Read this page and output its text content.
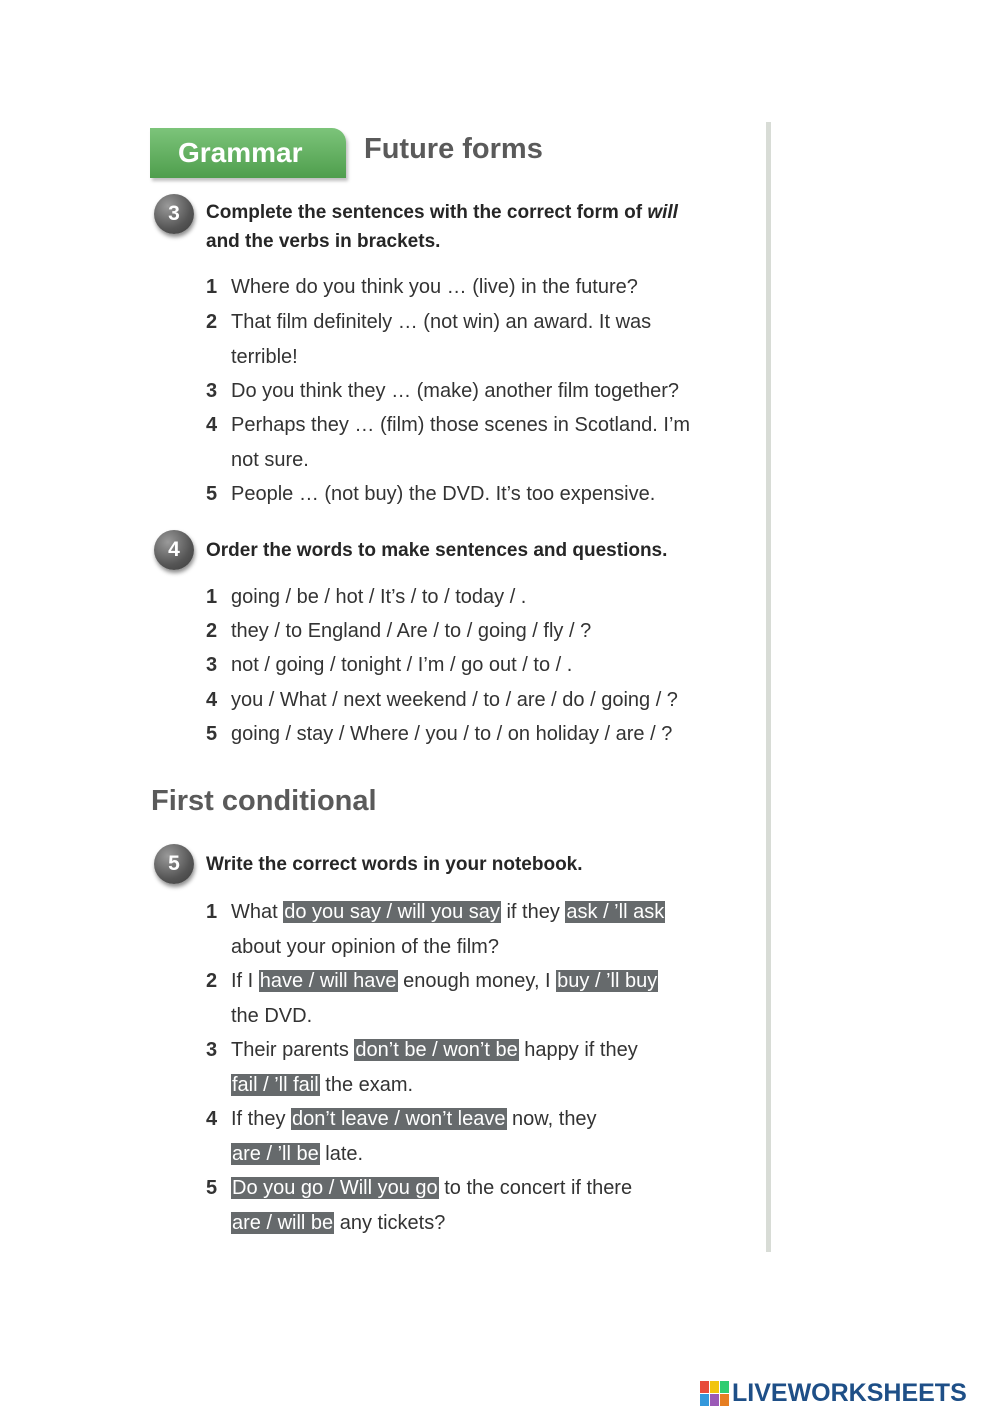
Grammar	Future forms
3	Complete the sentences with the correct form of will
and the verbs in brackets.
1 Where do you think you … (live) in the future?
2 That film definitely … (not win) an award. It was
terrible!
3 Do you think they … (make) another film together?
4 Perhaps they … (film) those scenes in Scotland. I’m
not sure.
5 People … (not buy) the DVD. It’s too expensive.
4	Order the words to make sentences and questions.
1 going / be / hot / It’s / to / today / .
2 they / to England / Are / to / going / fly / ?
3 not / going / tonight / I’m / go out / to / .
4 you / What / next weekend / to / are / do / going / ?
5 going / stay / Where / you / to / on holiday / are / ?
First conditional
5	Write the correct words in your notebook.
1 What do you say / will you say if they ask / ’ll ask
about your opinion of the film?
2 If I have / will have enough money, I buy / ’ll buy
the DVD.
3 Their parents don’t be / won’t be happy if they
fail / ’ll fail the exam.
4 If they don’t leave / won’t leave now, they
are / ’ll be late.
5 Do you go / Will you go to the concert if there
are / will be any tickets?
LIVEWORKSHEETS
